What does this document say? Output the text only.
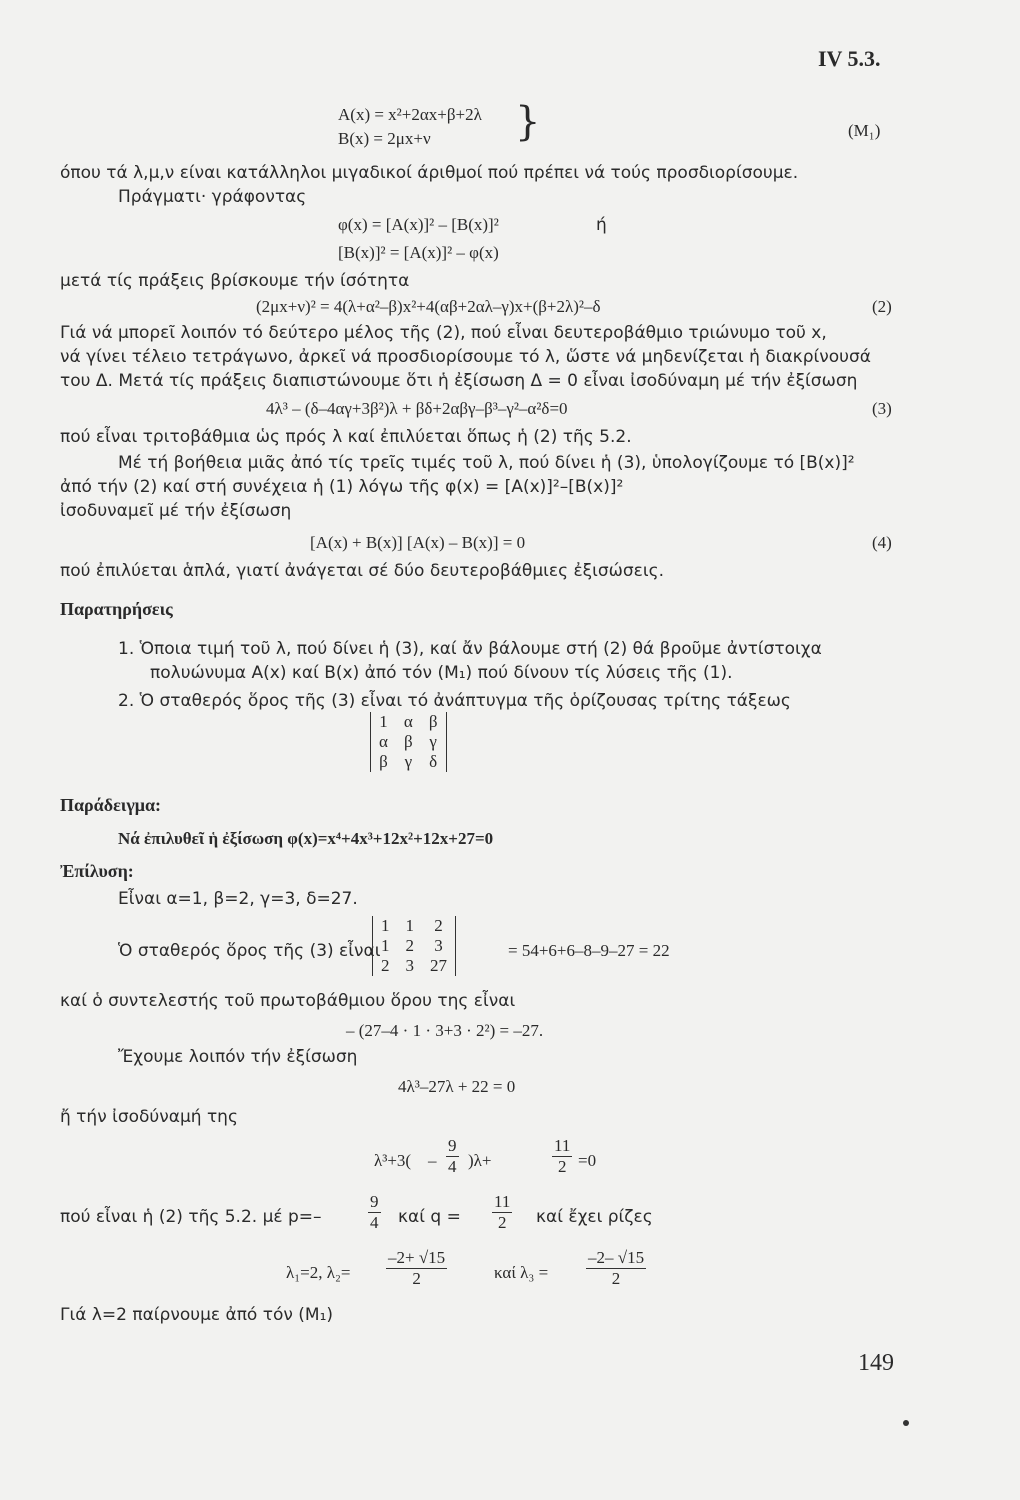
IV 5.3.
A(x) = x²+2αx+β+2λ
B(x) = 2μx+ν }	(M₁)
όπου τά λ,μ,ν είναι κατάλληλοι μιγαδικοί άριθμοί πού πρέπει νά τούς προσδιορίσουμε.
Πράγματι· γράφοντας
φ(x) = [A(x)]² – [B(x)]²	ή
[B(x)]² = [A(x)]² – φ(x)
μετά τίς πράξεις βρίσκουμε τήν ίσότητα
(2μx+ν)² = 4(λ+α²–β)x²+4(αβ+2αλ–γ)x+(β+2λ)²–δ	(2)
Γιά νά μπορεῖ λοιπόν τό δεύτερο μέλος τῆς (2), πού εἶναι δευτεροβάθμιο τριώνυμο τοῦ x,
νά γίνει τέλειο τετράγωνο, ἀρκεῖ νά προσδιορίσουμε τό λ, ὥστε νά μηδενίζεται ἡ διακρίνουσά
του Δ. Μετά τίς πράξεις διαπιστώνουμε ὅτι ἡ ἐξίσωση Δ = 0 εἶναι ἰσοδύναμη μέ τήν ἐξίσωση
4λ³ – (δ–4αγ+3β²)λ + βδ+2αβγ–β³–γ²–α²δ=0	(3)
πού εἶναι τριτοβάθμια ὡς πρός λ καί ἐπιλύεται ὅπως ἡ (2) τῆς 5.2.
Μέ τή βοήθεια μιᾶς ἀπό τίς τρεῖς τιμές τοῦ λ, πού δίνει ἡ (3), ὑπολογίζουμε τό [B(x)]²
ἀπό τήν (2) καί στή συνέχεια ἡ (1) λόγω τῆς φ(x) = [A(x)]²–[B(x)]²
ἰσοδυναμεῖ μέ τήν ἐξίσωση
[A(x) + B(x)] [A(x) – B(x)] = 0	(4)
πού ἐπιλύεται ἁπλά, γιατί ἀνάγεται σέ δύο δευτεροβάθμιες ἐξισώσεις.
Παρατηρήσεις
1. Ὁποια τιμή τοῦ λ, πού δίνει ἡ (3), καί ἄν βάλουμε στή (2) θά βροῦμε ἀντίστοιχα
πολυώνυμα A(x) καί B(x) ἀπό τόν (M₁) πού δίνουν τίς λύσεις τῆς (1).
2. Ὁ σταθερός ὅρος τῆς (3) εἶναι τό ἀνάπτυγμα τῆς ὁρίζουσας τρίτης τάξεως
1	α	β
α	β	γ
β	γ	δ
Παράδειγμα:
Νά ἐπιλυθεῖ ἡ ἐξίσωση φ(x)=x⁴+4x³+12x²+12x+27=0
Ἐπίλυση:
Εἶναι α=1, β=2, γ=3, δ=27.
Ὁ σταθερός ὅρος τῆς (3) εἶναι
1	1	2
1	2	3
2	3	27
= 54+6+6–8–9–27 = 22
καί ὁ συντελεστής τοῦ πρωτοβάθμιου ὅρου της εἶναι
– (27–4 · 1 · 3+3 · 2²) = –27.
Ἔχουμε λοιπόν τήν ἐξίσωση
4λ³–27λ + 22 = 0
ἤ τήν ἰσοδύναμή της
$\lambda^3+3( - \frac{9}{4} )\lambda+$	$\frac{11}{2} =0$
πού εἶναι ἡ (2) τῆς 5.2. μέ p=–	$\frac{9}{4}$ καί $q = \frac{11}{2}$ καί ἔχει ρίζες
λ₁=2, $\lambda_2= \frac{-2+ √15}{2}$	καί $\lambda_3 = \frac{-2- √15}{2}$
Γιά λ=2 παίρνουμε ἀπό τόν (M₁)
149
